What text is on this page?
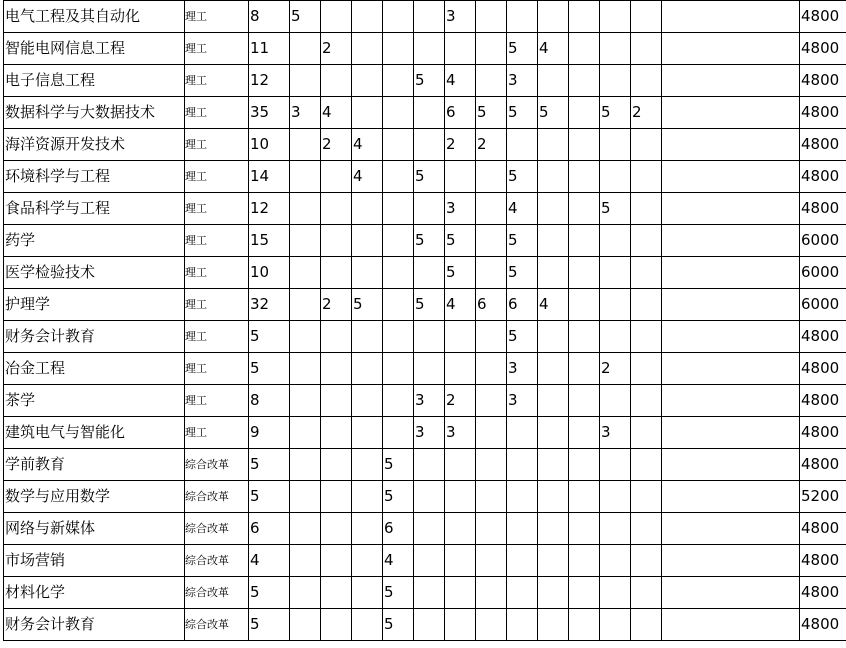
电气工程及其自动化	理工	8	5					3								4800
智能电网信息工程	理工	11		2						5	4					4800
电子信息工程	理工	12					5	4		3						4800
数据科学与大数据技术	理工	35	3	4				6	5	5	5		5	2		4800
海洋资源开发技术	理工	10		2	4			2	2							4800
环境科学与工程	理工	14			4		5			5						4800
食品科学与工程	理工	12						3		4			5			4800
药学	理工	15					5	5		5						6000
医学检验技术	理工	10						5		5						6000
护理学	理工	32		2	5		5	4	6	6	4					6000
财务会计教育	理工	5								5						4800
冶金工程	理工	5								3			2			4800
茶学	理工	8					3	2		3						4800
建筑电气与智能化	理工	9					3	3					3			4800
学前教育	综合改革	5				5										4800
数学与应用数学	综合改革	5				5										5200
网络与新媒体	综合改革	6				6										4800
市场营销	综合改革	4				4										4800
材料化学	综合改革	5				5										4800
财务会计教育	综合改革	5				5										4800
